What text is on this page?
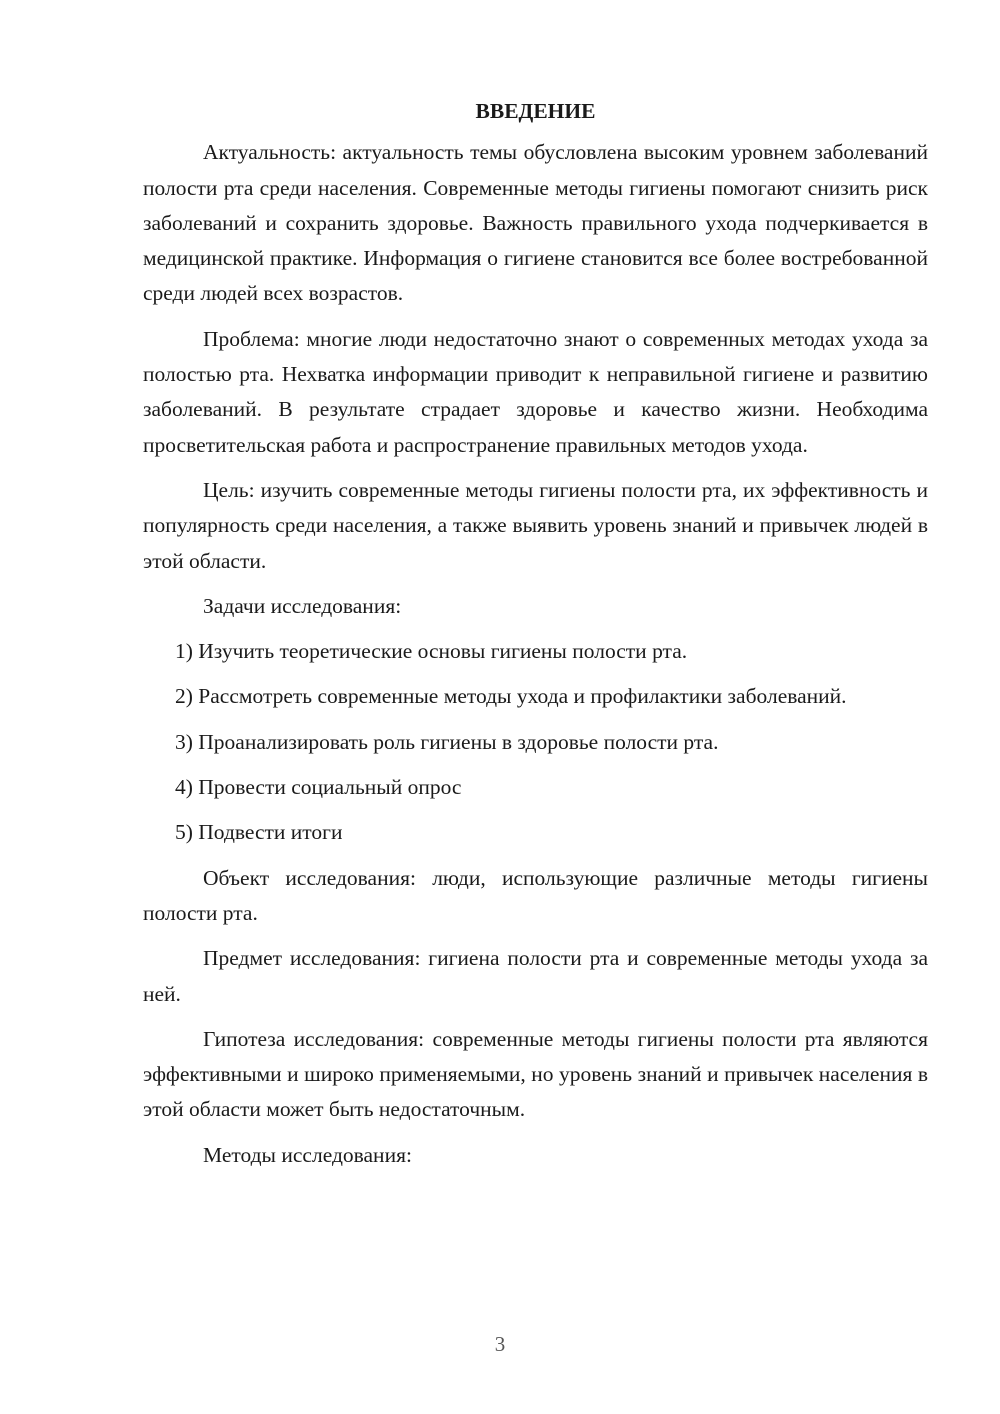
ВВЕДЕНИЕ

Актуальность: актуальность темы обусловлена высоким уровнем заболеваний полости рта среди населения. Современные методы гигиены помогают снизить риск заболеваний и сохранить здоровье. Важность правильного ухода подчеркивается в медицинской практике. Информация о гигиене становится все более востребованной среди людей всех возрастов.

Проблема: многие люди недостаточно знают о современных методах ухода за полостью рта. Нехватка информации приводит к неправильной гигиене и развитию заболеваний. В результате страдает здоровье и качество жизни. Необходима просветительская работа и распространение правильных методов ухода.

Цель: изучить современные методы гигиены полости рта, их эффективность и популярность среди населения, а также выявить уровень знаний и привычек людей в этой области.

Задачи исследования:

1) Изучить теоретические основы гигиены полости рта.

2) Рассмотреть современные методы ухода и профилактики заболеваний.

3) Проанализировать роль гигиены в здоровье полости рта.

4) Провести социальный опрос

5) Подвести итоги

Объект исследования: люди, использующие различные методы гигиены полости рта.

Предмет исследования: гигиена полости рта и современные методы ухода за ней.

Гипотеза исследования: современные методы гигиены полости рта являются эффективными и широко применяемыми, но уровень знаний и привычек населения в этой области может быть недостаточным.

Методы исследования:

3
